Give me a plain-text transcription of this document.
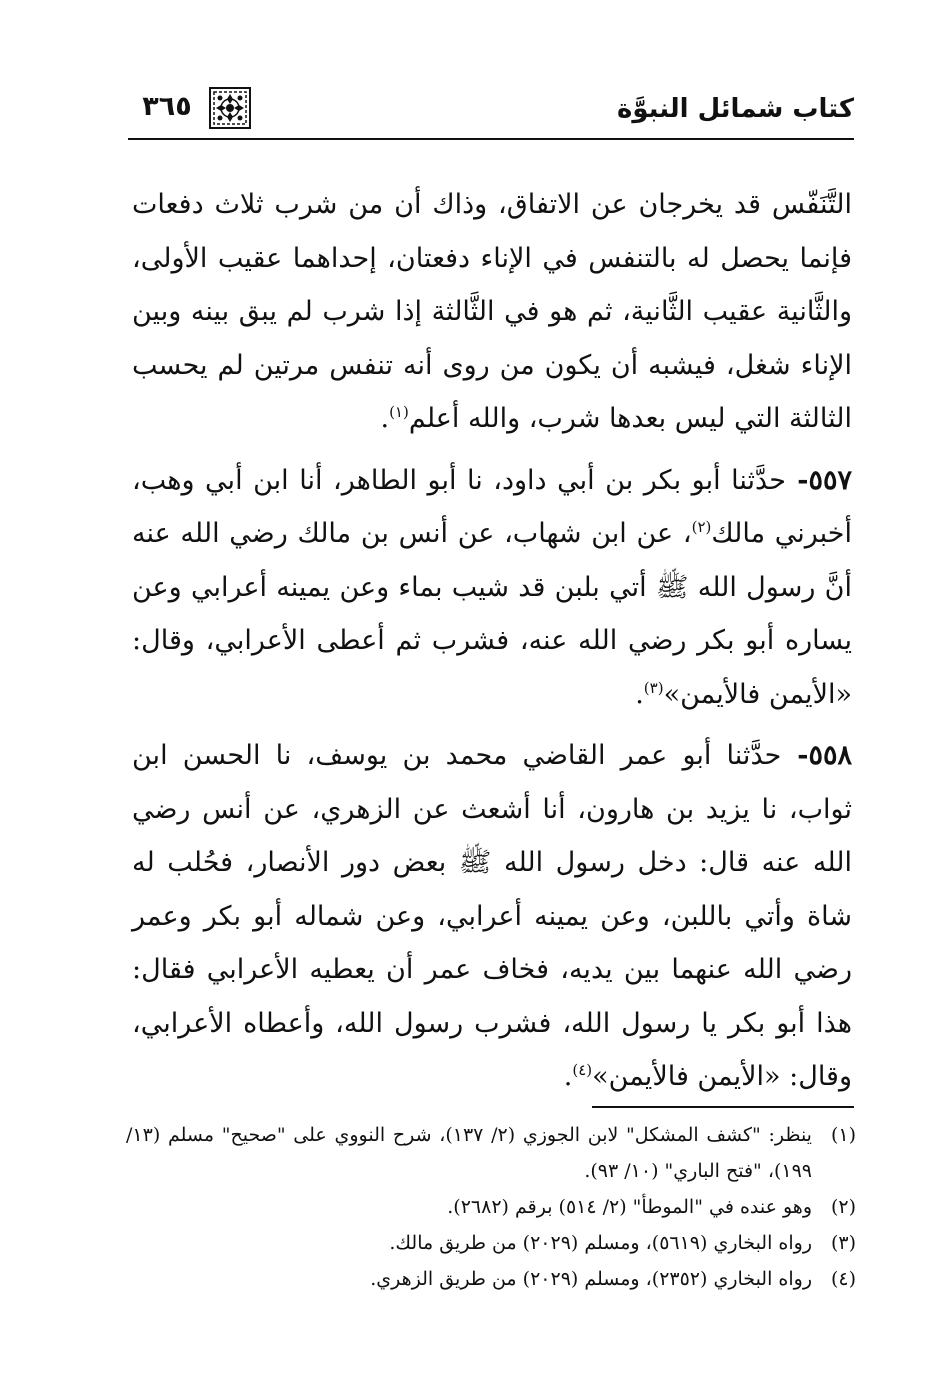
كتاب شمائل النبوَّة
٣٦٥

التَّنَفّس قد يخرجان عن الاتفاق، وذاك أن من شرب ثلاث دفعات فإنما يحصل له بالتنفس في الإناء دفعتان، إحداهما عقيب الأولى، والثَّانية عقيب الثَّانية، ثم هو في الثَّالثة إذا شرب لم يبق بينه وبين الإناء شغل، فيشبه أن يكون من روى أنه تنفس مرتين لم يحسب الثالثة التي ليس بعدها شرب، والله أعلم$^{(١)}$.

٥٥٧- حدَّثنا أبو بكر بن أبي داود، نا أبو الطاهر، أنا ابن أبي وهب، أخبرني مالك$^{(٢)}$، عن ابن شهاب، عن أنس بن مالك رضي الله عنه أنَّ رسول الله ﷺ أتي بلبن قد شيب بماء وعن يمينه أعرابي وعن يساره أبو بكر رضي الله عنه، فشرب ثم أعطى الأعرابي، وقال: «الأيمن فالأيمن»$^{(٣)}$.

٥٥٨- حدَّثنا أبو عمر القاضي محمد بن يوسف، نا الحسن ابن ثواب، نا يزيد بن هارون، أنا أشعث عن الزهري، عن أنس رضي الله عنه قال: دخل رسول الله ﷺ بعض دور الأنصار، فحُلب له شاة وأتي باللبن، وعن يمينه أعرابي، وعن شماله أبو بكر وعمر رضي الله عنهما بين يديه، فخاف عمر أن يعطيه الأعرابي فقال: هذا أبو بكر يا رسول الله، فشرب رسول الله، وأعطاه الأعرابي، وقال: «الأيمن فالأيمن»$^{(٤)}$.

(١)
ينظر: "كشف المشكل" لابن الجوزي (٢/ ١٣٧)، شرح النووي على "صحيح" مسلم (١٣/ ١٩٩)، "فتح الباري" (١٠/ ٩٣).
(٢)
وهو عنده في "الموطأ" (٢/ ٥١٤) برقم (٢٦٨٢).
(٣)
رواه البخاري (٥٦١٩)، ومسلم (٢٠٢٩) من طريق مالك.
(٤)
رواه البخاري (٢٣٥٢)، ومسلم (٢٠٢٩) من طريق الزهري.
